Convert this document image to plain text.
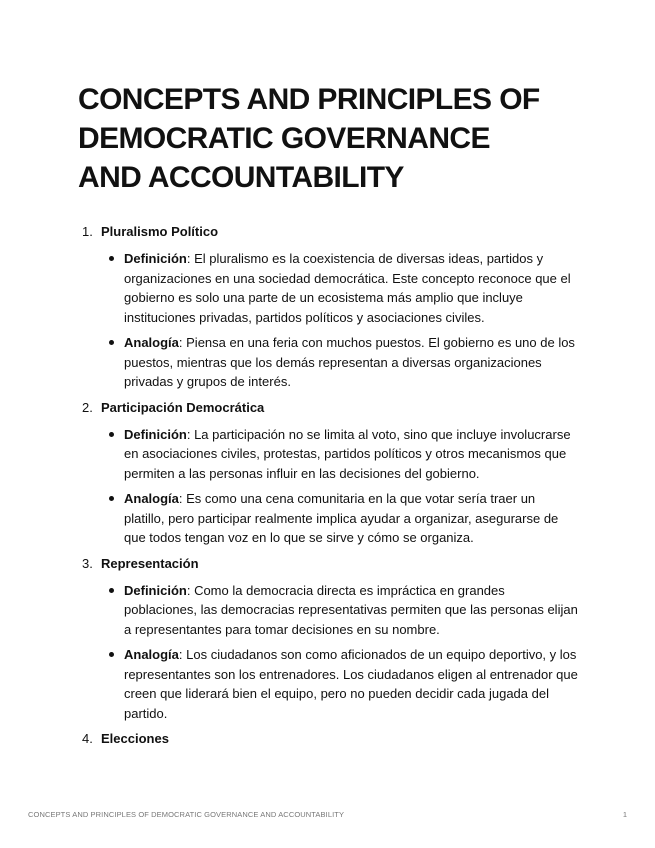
CONCEPTS AND PRINCIPLES OF
DEMOCRATIC GOVERNANCE
AND ACCOUNTABILITY
1. Pluralismo Político
Definición: El pluralismo es la coexistencia de diversas ideas, partidos y organizaciones en una sociedad democrática. Este concepto reconoce que el gobierno es solo una parte de un ecosistema más amplio que incluye instituciones privadas, partidos políticos y asociaciones civiles.
Analogía: Piensa en una feria con muchos puestos. El gobierno es uno de los puestos, mientras que los demás representan a diversas organizaciones privadas y grupos de interés.
2. Participación Democrática
Definición: La participación no se limita al voto, sino que incluye involucrarse en asociaciones civiles, protestas, partidos políticos y otros mecanismos que permiten a las personas influir en las decisiones del gobierno.
Analogía: Es como una cena comunitaria en la que votar sería traer un platillo, pero participar realmente implica ayudar a organizar, asegurarse de que todos tengan voz en lo que se sirve y cómo se organiza.
3. Representación
Definición: Como la democracia directa es impráctica en grandes poblaciones, las democracias representativas permiten que las personas elijan a representantes para tomar decisiones en su nombre.
Analogía: Los ciudadanos son como aficionados de un equipo deportivo, y los representantes son los entrenadores. Los ciudadanos eligen al entrenador que creen que liderará bien el equipo, pero no pueden decidir cada jugada del partido.
4. Elecciones
CONCEPTS AND PRINCIPLES OF DEMOCRATIC GOVERNANCE AND ACCOUNTABILITY	1
